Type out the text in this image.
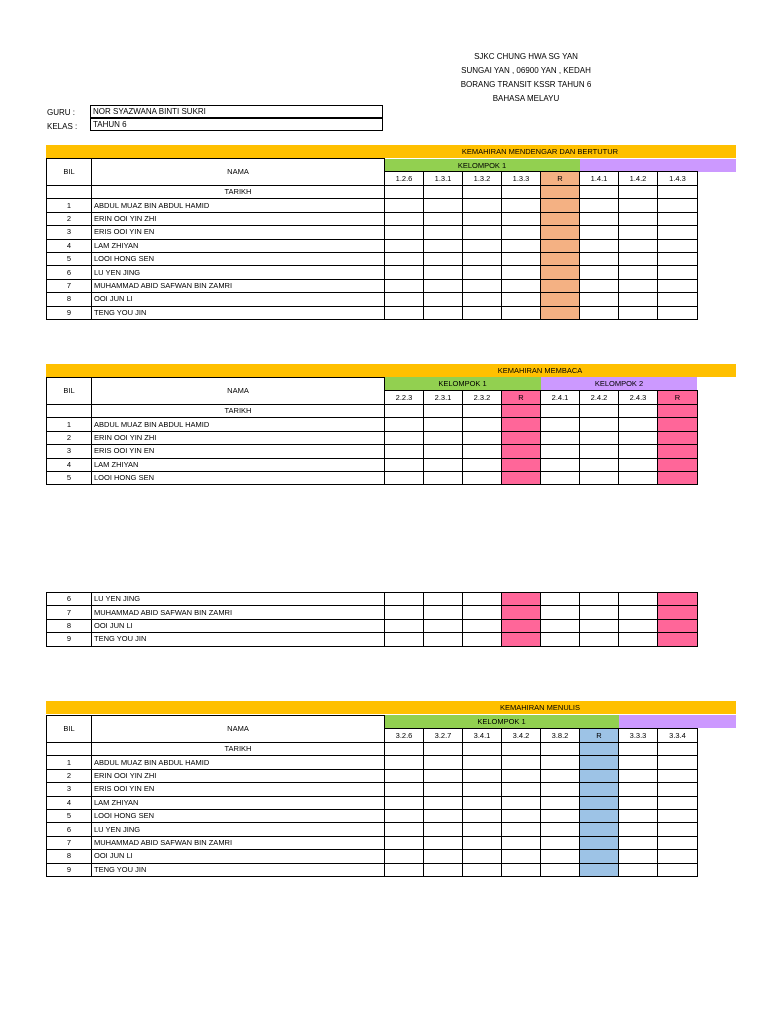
SJKC CHUNG HWA SG YAN
SUNGAI YAN , 06900 YAN , KEDAH
BORANG TRANSIT KSSR TAHUN 6
BAHASA MELAYU
GURU :	NOR SYAZWANA BINTI SUKRI
KELAS :	TAHUN 6
KEMAHIRAN MENDENGAR DAN BERTUTUR
KELOMPOK 1
BIL	NAMA								
		1.2.6	1.3.1	1.3.2	1.3.3	R	1.4.1	1.4.2	1.4.3
	TARIKH								
1	ABDUL MUAZ BIN ABDUL HAMID								
2	ERIN OOI YIN ZHI								
3	ERIS OOI YIN EN								
4	LAM ZHIYAN								
5	LOOI HONG SEN								
6	LU YEN JING								
7	MUHAMMAD ABID SAFWAN BIN ZAMRI								
8	OOI JUN LI								
9	TENG YOU JIN								
KEMAHIRAN MEMBACA
KELOMPOK 1	KELOMPOK 2
BIL	NAMA								
		2.2.3	2.3.1	2.3.2	R	2.4.1	2.4.2	2.4.3	R
	TARIKH								
1	ABDUL MUAZ BIN ABDUL HAMID								
2	ERIN OOI YIN ZHI								
3	ERIS OOI YIN EN								
4	LAM ZHIYAN								
5	LOOI HONG SEN								
6	LU YEN JING								
7	MUHAMMAD ABID SAFWAN BIN ZAMRI								
8	OOI JUN LI								
9	TENG YOU JIN								
KEMAHIRAN MENULIS
KELOMPOK 1
BIL	NAMA								
		3.2.6	3.2.7	3.4.1	3.4.2	3.8.2	R	3.3.3	3.3.4
	TARIKH								
1	ABDUL MUAZ BIN ABDUL HAMID								
2	ERIN OOI YIN ZHI								
3	ERIS OOI YIN EN								
4	LAM ZHIYAN								
5	LOOI HONG SEN								
6	LU YEN JING								
7	MUHAMMAD ABID SAFWAN BIN ZAMRI								
8	OOI JUN LI								
9	TENG YOU JIN								
